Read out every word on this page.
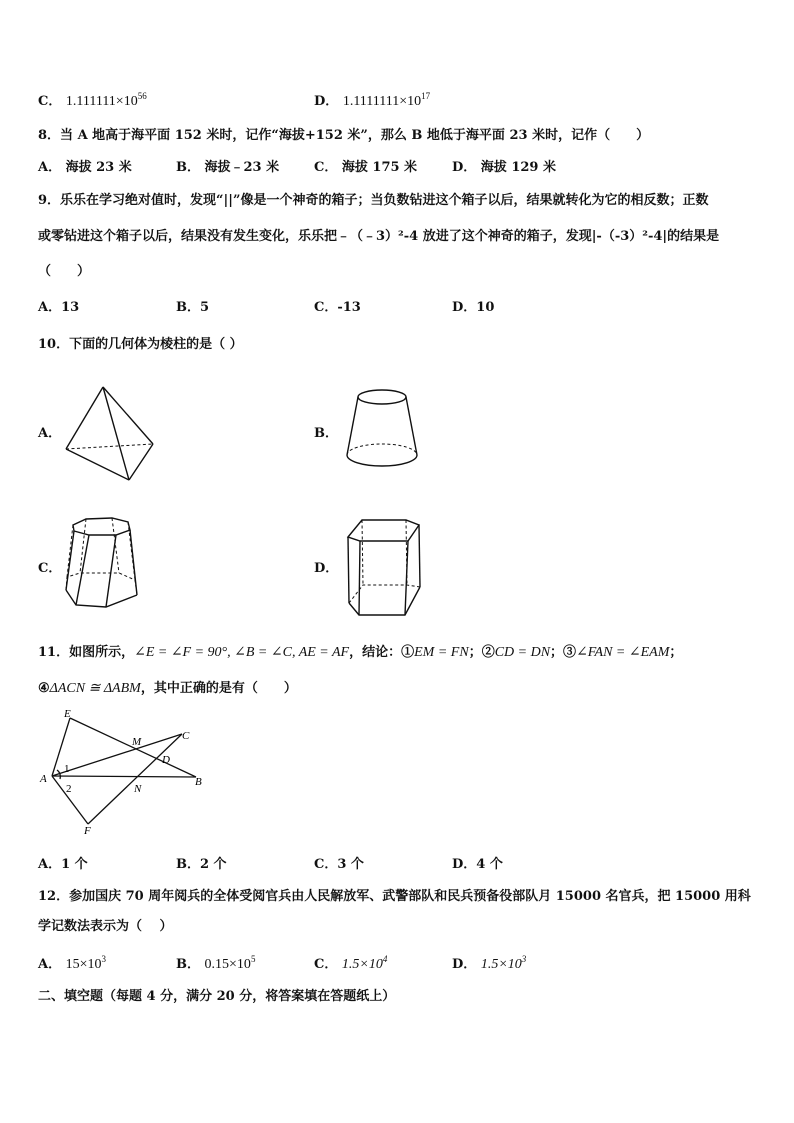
C． $1.111111\times 10^{56}$	D． $1.1111111\times 10^{17}$
8．当 A 地高于海平面 152 米时，记作“海拔+152 米”，那么 B 地低于海平面 23 米时，记作（　　）
A． 海拔 23 米	B． 海拔﹣23 米	C． 海拔 175 米	D． 海拔 129 米
9．乐乐在学习绝对值时，发现“||”像是一个神奇的箱子；当负数钻进这个箱子以后，结果就转化为它的相反数；正数
或零钻进这个箱子以后，结果没有发生变化，乐乐把﹣（﹣3）²-4 放进了这个神奇的箱子，发现|-（-3）²-4|的结果是
（　　）
A．13	B．5	C．-13	D．10
10．下面的几何体为棱柱的是（ ）
A．	B．
C．	D．
11．如图所示，∠E = ∠F = 90°, ∠B = ∠C, AE = AF，结论：①EM = FN；②CD = DN；③∠FAN = ∠EAM；
④ΔACN ≅ ΔABM，其中正确的是有（　　）
E
M	C
D
A	B
N
F
1
2
A．1 个	B．2 个	C．3 个	D．4 个
12．参加国庆 70 周年阅兵的全体受阅官兵由人民解放军、武警部队和民兵预备役部队月 15000 名官兵，把 15000 用科
学记数法表示为（　 ）
A． $15\times 10^3$	B． $0.15\times 10^5$	C． $1.5\times 10^4$	D． $1.5\times 10^3$
二、填空题（每题 4 分，满分 20 分，将答案填在答题纸上）
